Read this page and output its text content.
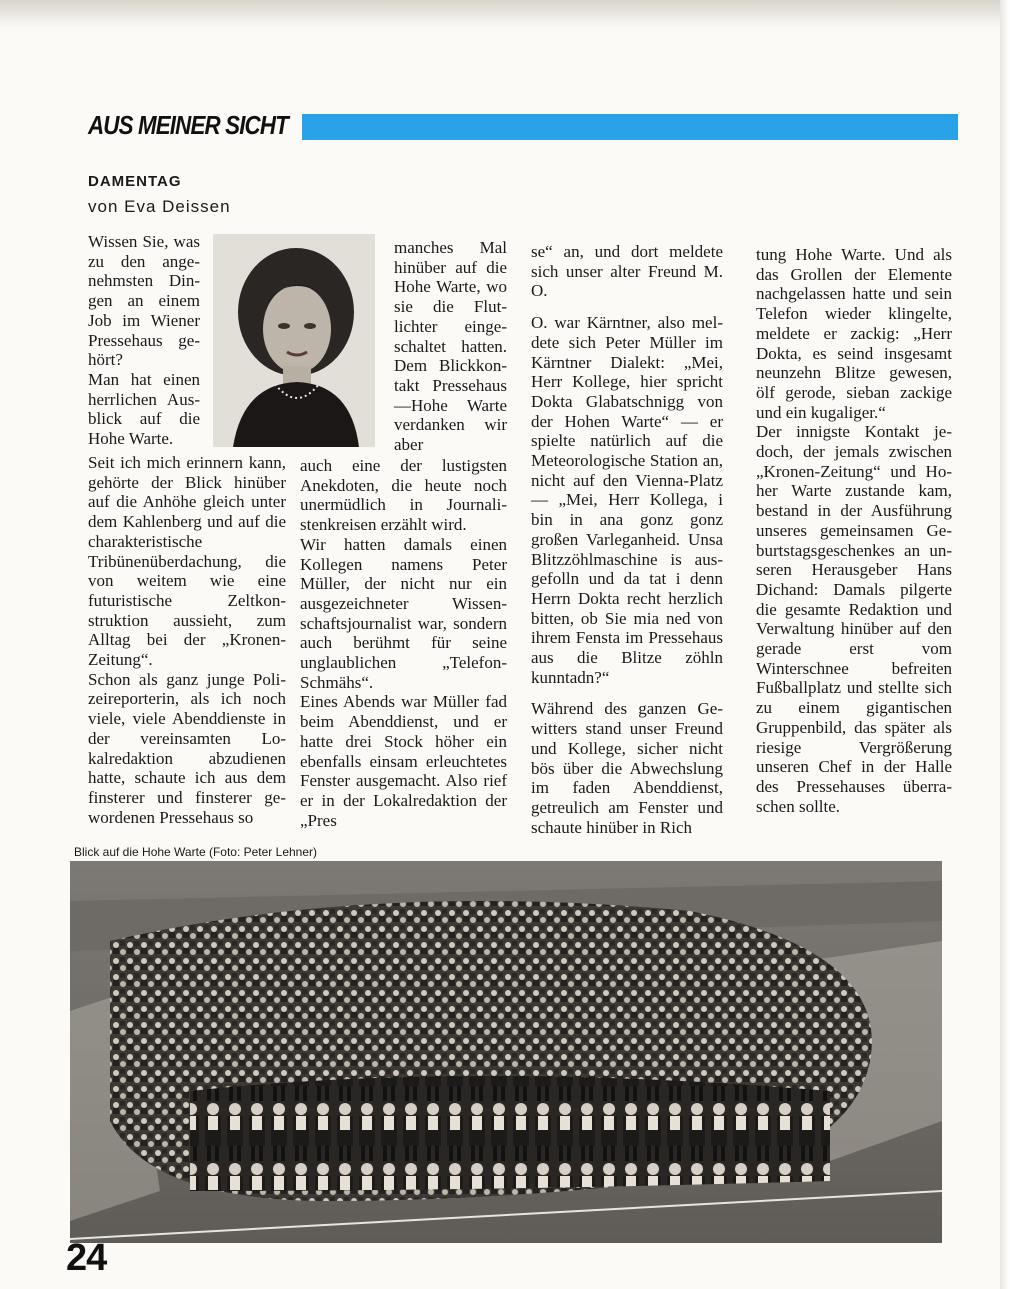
AUS MEINER SICHT
DAMENTAG
von Eva Deissen

Wissen Sie, was zu den angenehmsten Dingen an einem Job im Wiener Pressehaus gehört?

Man hat einen herrlichen Ausblick auf die Hohe Warte.

Seit ich mich erinnern kann, gehörte der Blick hinüber auf die Anhöhe gleich unter dem Kahlenberg und auf die charakteristische Tribünenüberdachung, die von weitem wie eine futuristische Zeltkonstruktion aussieht, zum Alltag bei der „Kronen-Zeitung“.

Schon als ganz junge Polizeireporterin, als ich noch viele, viele Abenddienste in der vereinsamten Lokalredaktion abzudienen hatte, schaute ich aus dem finsterer und finsterer gewordenen Pressehaus so

manches Mal hinüber auf die Hohe Warte, wo sie die Flutlichter eingeschaltet hatten. Dem Blickkontakt Pressehaus—Hohe Warte verdanken wir aber

auch eine der lustigsten Anekdoten, die heute noch unermüdlich in Journalistenkreisen erzählt wird.

Wir hatten damals einen Kollegen namens Peter Müller, der nicht nur ein ausgezeichneter Wissenschaftsjournalist war, sondern auch berühmt für seine unglaublichen „Telefon-Schmähs“.

Eines Abends war Müller fad beim Abenddienst, und er hatte drei Stock höher ein ebenfalls einsam erleuchtetes Fenster ausgemacht. Also rief er in der Lokalredaktion der „Pres

se“ an, und dort meldete sich unser alter Freund M. O.

O. war Kärntner, also meldete sich Peter Müller im Kärntner Dialekt: „Mei, Herr Kollege, hier spricht Dokta Glabatschnigg von der Hohen Warte“ — er spielte natürlich auf die Meteorologische Station an, nicht auf den Vienna-Platz — „Mei, Herr Kollega, i bin in ana gonz gonz großen Varleganheid. Unsa Blitzzöhlmaschine is ausgefolln und da tat i denn Herrn Dokta recht herzlich bitten, ob Sie mia ned von ihrem Fensta im Pressehaus aus die Blitze zöhln kunntadn?“

Während des ganzen Gewitters stand unser Freund und Kollege, sicher nicht bös über die Abwechslung im faden Abenddienst, getreulich am Fenster und schaute hinüber in Rich

tung Hohe Warte. Und als das Grollen der Elemente nachgelassen hatte und sein Telefon wieder klingelte, meldete er zackig: „Herr Dokta, es seind insgesamt neunzehn Blitze gewesen, ölf gerode, sieban zackige und ein kugaliger.“

Der innigste Kontakt jedoch, der jemals zwischen „Kronen-Zeitung“ und Hoher Warte zustande kam, bestand in der Ausführung unseres gemeinsamen Geburtstagsgeschenkes an unseren Herausgeber Hans Dichand: Damals pilgerte die gesamte Redaktion und Verwaltung hinüber auf den gerade erst vom Winterschnee befreiten Fußballplatz und stellte sich zu einem gigantischen Gruppenbild, das später als riesige Vergrößerung unseren Chef in der Halle des Pressehauses überraschen sollte.

Blick auf die Hohe Warte (Foto: Peter Lehner)
24
